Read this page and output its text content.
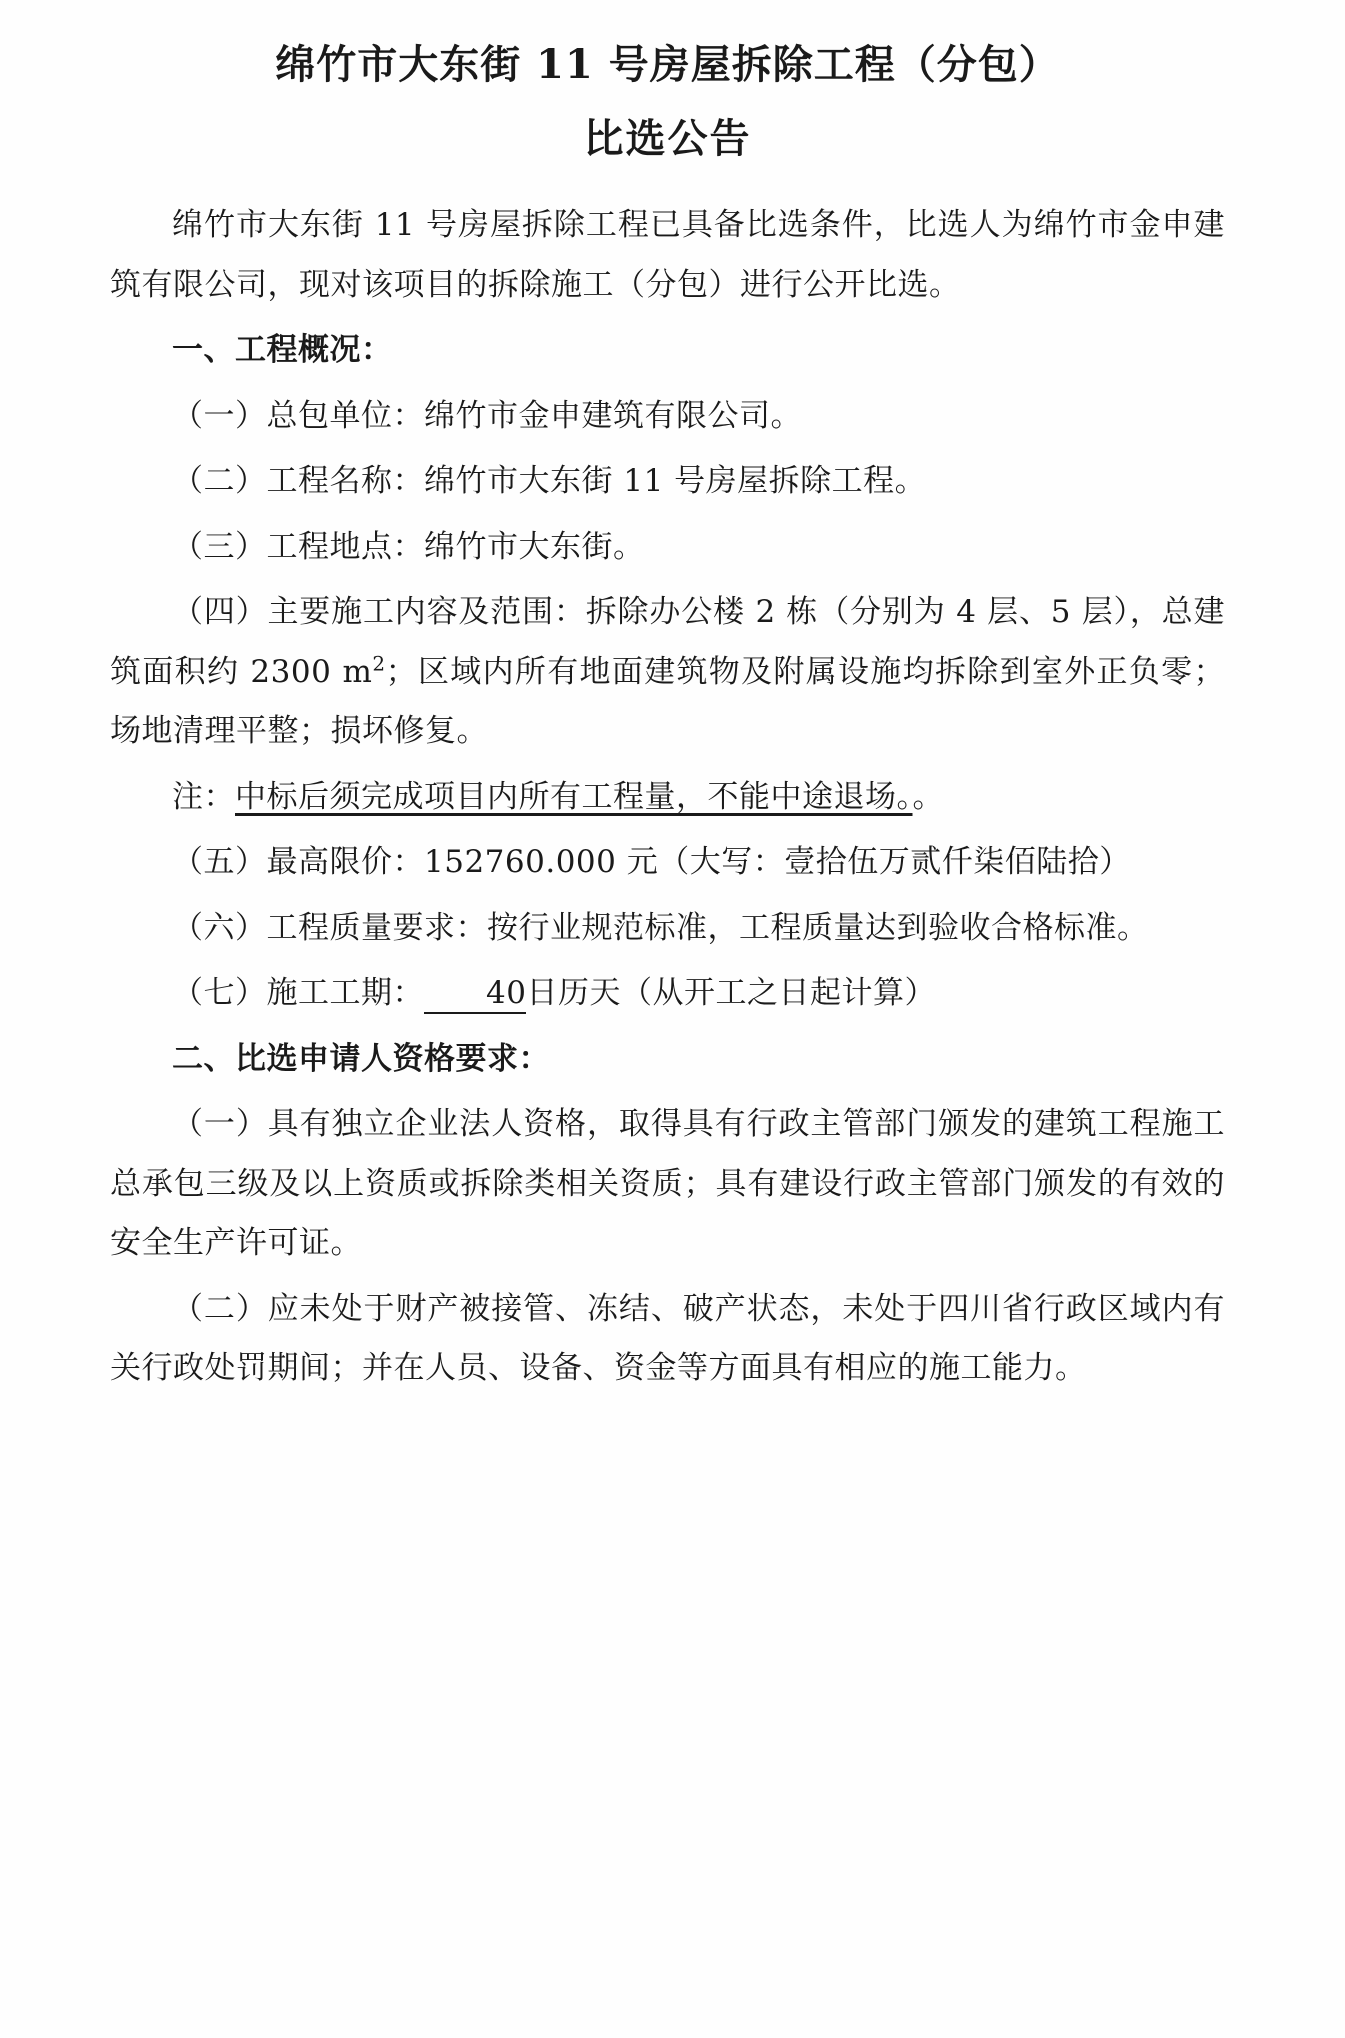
绵竹市大东街 11 号房屋拆除工程（分包）
比选公告

绵竹市大东街 11 号房屋拆除工程已具备比选条件，比选人为绵竹市金申建筑有限公司，现对该项目的拆除施工（分包）进行公开比选。

一、工程概况：

（一）总包单位：绵竹市金申建筑有限公司。

（二）工程名称：绵竹市大东街 11 号房屋拆除工程。

（三）工程地点：绵竹市大东街。

（四）主要施工内容及范围：拆除办公楼 2 栋（分别为 4 层、5 层），总建筑面积约 2300 $m^2$；区域内所有地面建筑物及附属设施均拆除到室外正负零；场地清理平整；损坏修复。

注：中标后须完成项目内所有工程量，不能中途退场。。

（五）最高限价：152760.000 元（大写：壹拾伍万贰仟柒佰陆拾）

（六）工程质量要求：按行业规范标准，工程质量达到验收合格标准。

（七）施工工期： 40日历天（从开工之日起计算）

二、比选申请人资格要求：

（一）具有独立企业法人资格，取得具有行政主管部门颁发的建筑工程施工总承包三级及以上资质或拆除类相关资质；具有建设行政主管部门颁发的有效的安全生产许可证。

（二）应未处于财产被接管、冻结、破产状态，未处于四川省行政区域内有关行政处罚期间；并在人员、设备、资金等方面具有相应的施工能力。
